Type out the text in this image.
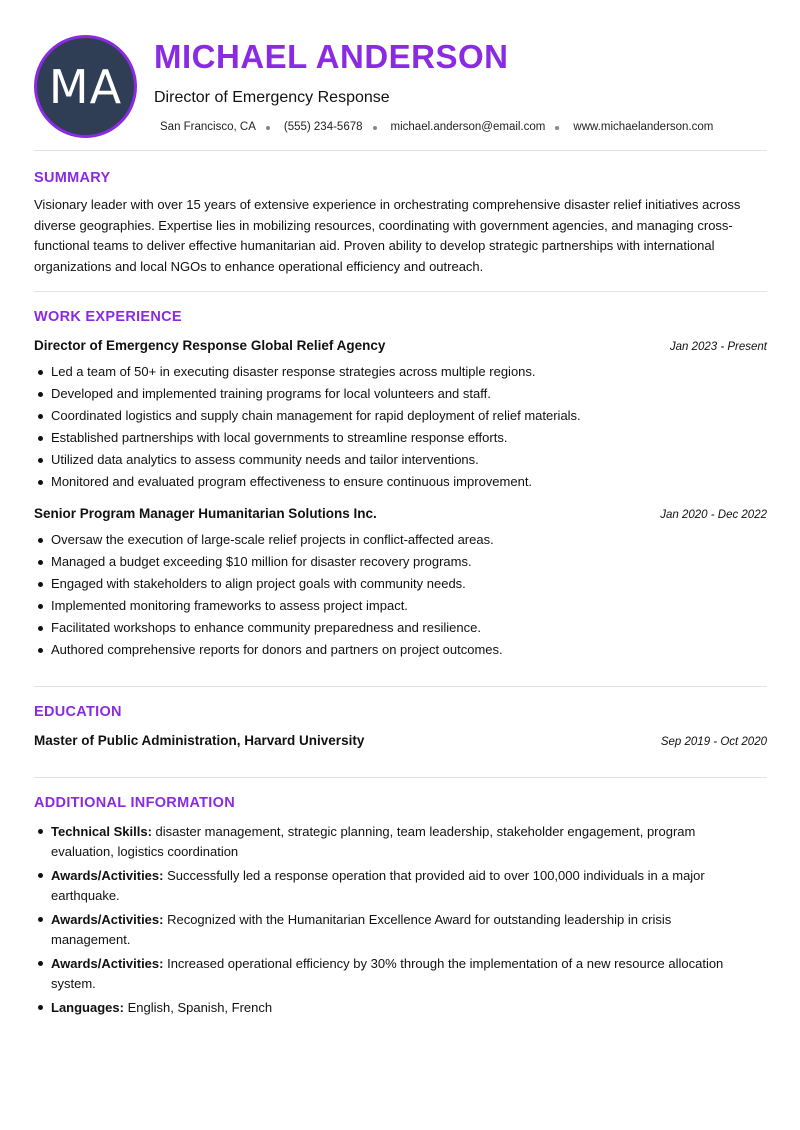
MA
MICHAEL ANDERSON
Director of Emergency Response
San Francisco, CA (555) 234-5678 michael.anderson@email.com www.michaelanderson.com
SUMMARY
Visionary leader with over 15 years of extensive experience in orchestrating comprehensive disaster relief initiatives across diverse geographies. Expertise lies in mobilizing resources, coordinating with government agencies, and managing cross-functional teams to deliver effective humanitarian aid. Proven ability to develop strategic partnerships with international organizations and local NGOs to enhance operational efficiency and outreach.
WORK EXPERIENCE
Director of Emergency Response Global Relief Agency	Jan 2023 - Present
Led a team of 50+ in executing disaster response strategies across multiple regions.
Developed and implemented training programs for local volunteers and staff.
Coordinated logistics and supply chain management for rapid deployment of relief materials.
Established partnerships with local governments to streamline response efforts.
Utilized data analytics to assess community needs and tailor interventions.
Monitored and evaluated program effectiveness to ensure continuous improvement.
Senior Program Manager Humanitarian Solutions Inc.	Jan 2020 - Dec 2022
Oversaw the execution of large-scale relief projects in conflict-affected areas.
Managed a budget exceeding $10 million for disaster recovery programs.
Engaged with stakeholders to align project goals with community needs.
Implemented monitoring frameworks to assess project impact.
Facilitated workshops to enhance community preparedness and resilience.
Authored comprehensive reports for donors and partners on project outcomes.
EDUCATION
Master of Public Administration, Harvard University	Sep 2019 - Oct 2020
ADDITIONAL INFORMATION
Technical Skills: disaster management, strategic planning, team leadership, stakeholder engagement, program evaluation, logistics coordination
Awards/Activities: Successfully led a response operation that provided aid to over 100,000 individuals in a major earthquake.
Awards/Activities: Recognized with the Humanitarian Excellence Award for outstanding leadership in crisis management.
Awards/Activities: Increased operational efficiency by 30% through the implementation of a new resource allocation system.
Languages: English, Spanish, French
